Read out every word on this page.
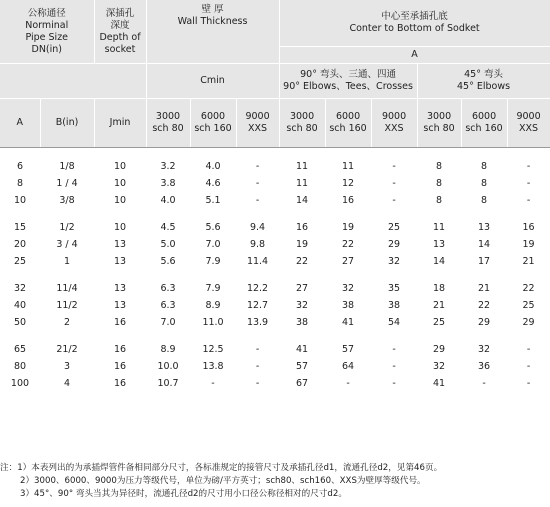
公称通径
Norminal
Pipe Size
DN(in)		深插孔
深度
Depth of
socket	壁 厚
Wall Thickness			中心至承插孔底
Conter to Bottom of Sodket					
						A					
			Cmin			90° 弯头、三通、四通
90° Elbows、Tees、Crosses			45° 弯头
45° Elbows		
A	B(in)	Jmin	3000
sch 80	6000
sch 160	9000
XXS	3000
sch 80	6000
sch 160	9000
XXS	3000
sch 80	6000
sch 160	9000
XXS
6	1/8	10	3.2	4.0	-	11	11	-	8	8	-
8	1 / 4	10	3.8	4.6	-	11	12	-	8	8	-
10	3/8	10	4.0	5.1	-	14	16	-	8	8	-
15	1/2	10	4.5	5.6	9.4	16	19	25	11	13	16
20	3 / 4	13	5.0	7.0	9.8	19	22	29	13	14	19
25	1	13	5.6	7.9	11.4	22	27	32	14	17	21
32	11/4	13	6.3	7.9	12.2	27	32	35	18	21	22
40	11/2	13	6.3	8.9	12.7	32	38	38	21	22	25
50	2	16	7.0	11.0	13.9	38	41	54	25	29	29
65	21/2	16	8.9	12.5	-	41	57	-	29	32	-
80	3	16	10.0	13.8	-	57	64	-	32	36	-
100	4	16	10.7	-	-	67	-	-	41	-	-
注：1）本表列出的为承插焊管件备相同部分尺寸，各标准规定的接管尺寸及承插孔径d1，流通孔径d2，见第46页。
2）3000、6000、9000为压力等级代号，单位为磅/平方英寸；sch80、sch160、XXS为壁厚等级代号。
3）45°、90° 弯头当其为异径时，流通孔径d2的尺寸用小口径公称径相对的尺寸d2。
